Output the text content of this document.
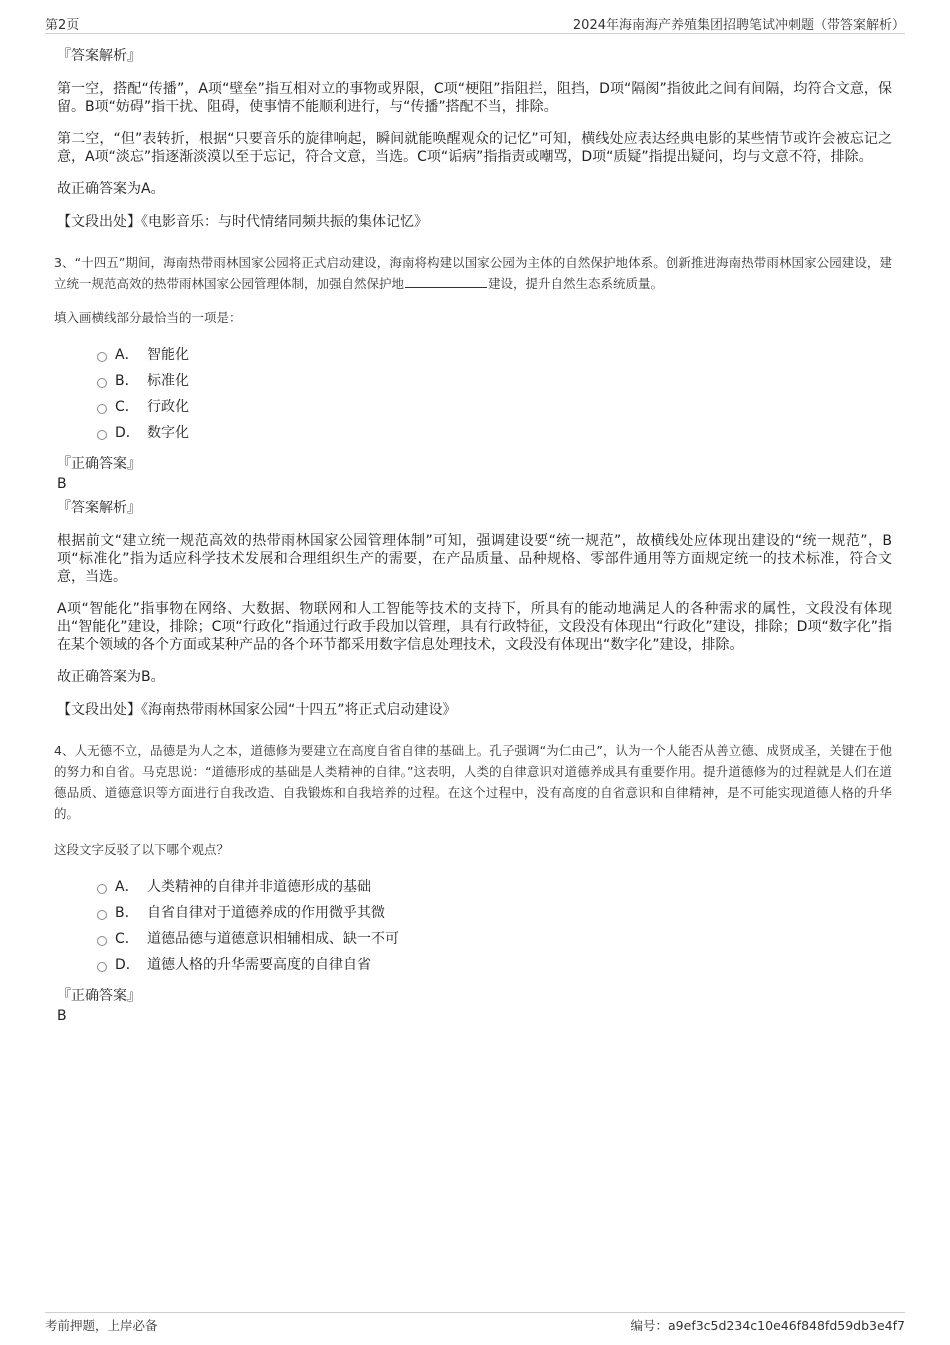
第2页	2024年海南海产养殖集团招聘笔试冲刺题（带答案解析）
『答案解析』

第一空，搭配“传播”，A项“壁垒”指互相对立的事物或界限，C项“梗阻”指阻拦，阻挡，D项“隔阂”指彼此之间有间隔，均符合文意，保留。B项“妨碍”指干扰、阻碍，使事情不能顺利进行，与“传播”搭配不当，排除。

第二空，“但”表转折，根据“只要音乐的旋律响起，瞬间就能唤醒观众的记忆”可知，横线处应表达经典电影的某些情节或许会被忘记之意，A项“淡忘”指逐渐淡漠以至于忘记，符合文意，当选。C项“诟病”指指责或嘲骂，D项“质疑”指提出疑问，均与文意不符，排除。

故正确答案为A。

【文段出处】《电影音乐：与时代情绪同频共振的集体记忆》

3、“十四五”期间，海南热带雨林国家公园将正式启动建设，海南将构建以国家公园为主体的自然保护地体系。创新推进海南热带雨林国家公园建设，建立统一规范高效的热带雨林国家公园管理体制，加强自然保护地	建设，提升自然生态系统质量。

填入画横线部分最恰当的一项是：

A． 智能化
B． 标准化
C． 行政化
D． 数字化
『正确答案』
B
『答案解析』

根据前文“建立统一规范高效的热带雨林国家公园管理体制”可知，强调建设要“统一规范”，故横线处应体现出建设的“统一规范”，B项“标准化”指为适应科学技术发展和合理组织生产的需要，在产品质量、品种规格、零部件通用等方面规定统一的技术标准，符合文意，当选。

A项“智能化”指事物在网络、大数据、物联网和人工智能等技术的支持下，所具有的能动地满足人的各种需求的属性，文段没有体现出“智能化”建设，排除；C项“行政化”指通过行政手段加以管理，具有行政特征，文段没有体现出“行政化”建设，排除；D项“数字化”指在某个领域的各个方面或某种产品的各个环节都采用数字信息处理技术，文段没有体现出“数字化”建设，排除。

故正确答案为B。

【文段出处】《海南热带雨林国家公园“十四五”将正式启动建设》

4、人无德不立，品德是为人之本，道德修为要建立在高度自省自律的基础上。孔子强调“为仁由己”，认为一个人能否从善立德、成贤成圣，关键在于他的努力和自省。马克思说：“道德形成的基础是人类精神的自律。”这表明，人类的自律意识对道德养成具有重要作用。提升道德修为的过程就是人们在道德品质、道德意识等方面进行自我改造、自我锻炼和自我培养的过程。在这个过程中，没有高度的自省意识和自律精神，是不可能实现道德人格的升华的。

这段文字反驳了以下哪个观点？

A． 人类精神的自律并非道德形成的基础
B． 自省自律对于道德养成的作用微乎其微
C． 道德品德与道德意识相辅相成、缺一不可
D． 道德人格的升华需要高度的自律自省
『正确答案』
B
考前押题，上岸必备	编号：a9ef3c5d234c10e46f848fd59db3e4f7
